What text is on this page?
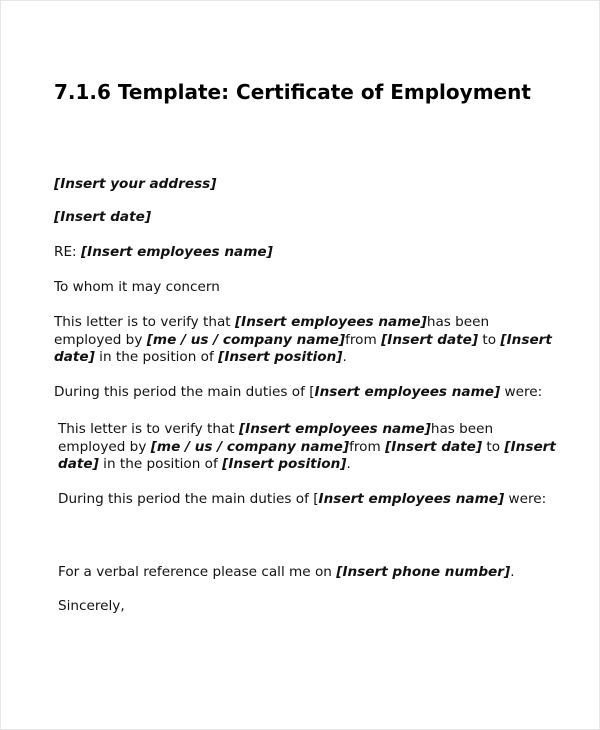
7.1.6 Template: Certificate of Employment

[Insert your address]

[Insert date]

RE: [Insert employees name]

To whom it may concern

This letter is to verify that [Insert employees name]has been employed by [me / us / company name]from [Insert date] to [Insert date] in the position of [Insert position].

During this period the main duties of [Insert employees name] were:

This letter is to verify that [Insert employees name]has been employed by [me / us / company name]from [Insert date] to [Insert date] in the position of [Insert position].

During this period the main duties of [Insert employees name] were:

For a verbal reference please call me on [Insert phone number].

Sincerely,
